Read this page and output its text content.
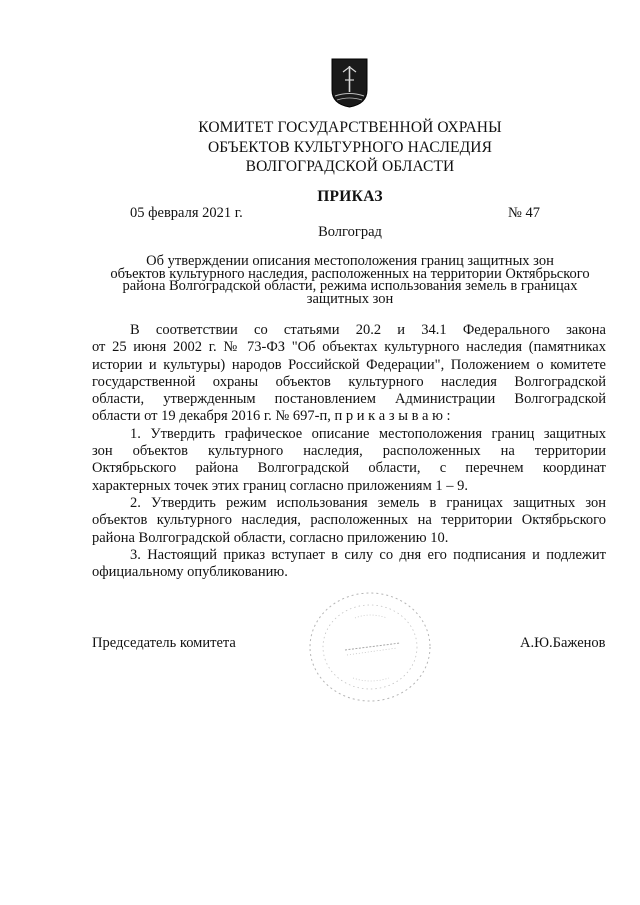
КОМИТЕТ ГОСУДАРСТВЕННОЙ ОХРАНЫ
ОБЪЕКТОВ КУЛЬТУРНОГО НАСЛЕДИЯ
ВОЛГОГРАДСКОЙ ОБЛАСТИ
ПРИКАЗ
05 февраля 2021 г.	№ 47
Волгоград
Об утверждении описания местоположения границ защитных зон
объектов культурного наследия, расположенных на территории Октябрьского
района Волгоградской области, режима использования земель в границах
защитных зон

В соответствии со статьями 20.2 и 34.1 Федерального закона
от 25 июня 2002 г. № 73-ФЗ "Об объектах культурного наследия (памятниках
истории и культуры) народов Российской Федерации", Положением о комитете
государственной охраны объектов культурного наследия Волгоградской
области, утвержденным постановлением Администрации Волгоградской
области от 19 декабря 2016 г. № 697-п, п р и к а з ы в а ю :

1. Утвердить графическое описание местоположения границ защитных
зон объектов культурного наследия, расположенных на территории
Октябрьского района Волгоградской области, с перечнем координат
характерных точек этих границ согласно приложениям 1 – 9.

2. Утвердить режим использования земель в границах защитных зон
объектов культурного наследия, расположенных на территории Октябрьского
района Волгоградской области, согласно приложению 10.

3. Настоящий приказ вступает в силу со дня его подписания и подлежит
официальному опубликованию.

Председатель комитета	А.Ю.Баженов
